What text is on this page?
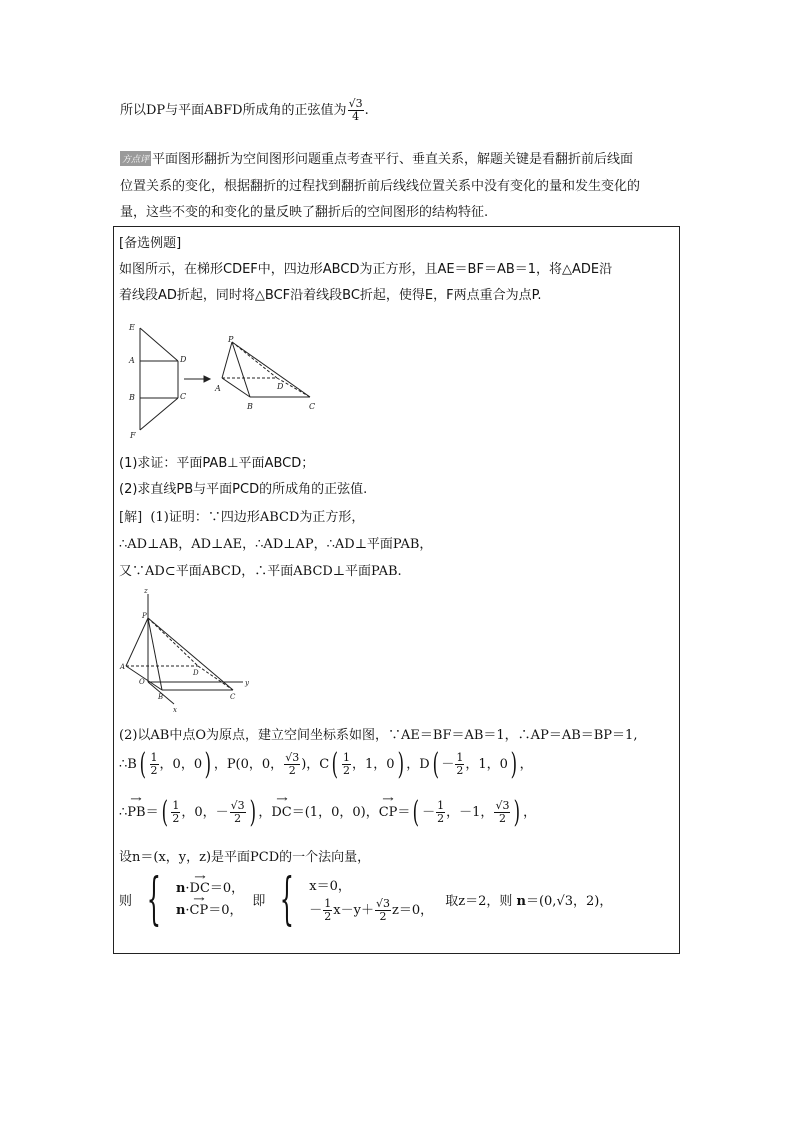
所以DP与平面ABFD所成角的正弦值为 $\frac{√3}{4}$ .
方点评 平面图形翻折为空间图形问题重点考查平行、垂直关系，解题关键是看翻折前后线面
位置关系的变化，根据翻折的过程找到翻折前后线线位置关系中没有变化的量和发生变化的
量，这些不变的和变化的量反映了翻折后的空间图形的结构特征.
[备选例题]
如图所示，在梯形CDEF中，四边形ABCD为正方形，且AE＝BF＝AB＝1，将△ADE沿
着线段AD折起，同时将△BCF沿着线段BC折起，使得E，F两点重合为点P.
E
D
A
B	C
F
P
A
B	C
D
(1)求证：平面PAB⊥平面ABCD；
(2)求直线PB与平面PCD的所成角的正弦值.
[解] (1)证明：∵四边形ABCD为正方形，
∴AD⊥AB，AD⊥AE，∴AD⊥AP，∴AD⊥平面PAB，
又∵AD⊂平面ABCD，∴平面ABCD⊥平面PAB.
z
P
A
D
O
B	C
y
x
(2)以AB中点O为原点，建立空间坐标系如图，∵AE＝BF＝AB＝1，∴AP＝AB＝BP＝1,
∴B( $\frac{1}{2}$ ，0，0) ，P(0，0， $\frac{√3}{2}$ )，$C( \frac{1}{2}$ ，1，0) ，$D( - \frac{1}{2}$ ，1，0) ，
∴→ $PB=( \frac{1}{2}$ ，0，－ $\frac{√3}{2}$ ) ，→ DC＝(1，0，0)，→ $CP=( - \frac{1}{2}$ ，－1， $\frac{√3}{2}$ ) ，
设n＝(x，y，z)是平面PCD的一个法向量，
则 { n·→ DC＝0，
n·→ CP＝0，
即 { x＝0，
－ $\frac{1}{2} x-y+ \frac{√3}{2} z=0$，
取z＝2，则 n＝(0,√3，2)，
